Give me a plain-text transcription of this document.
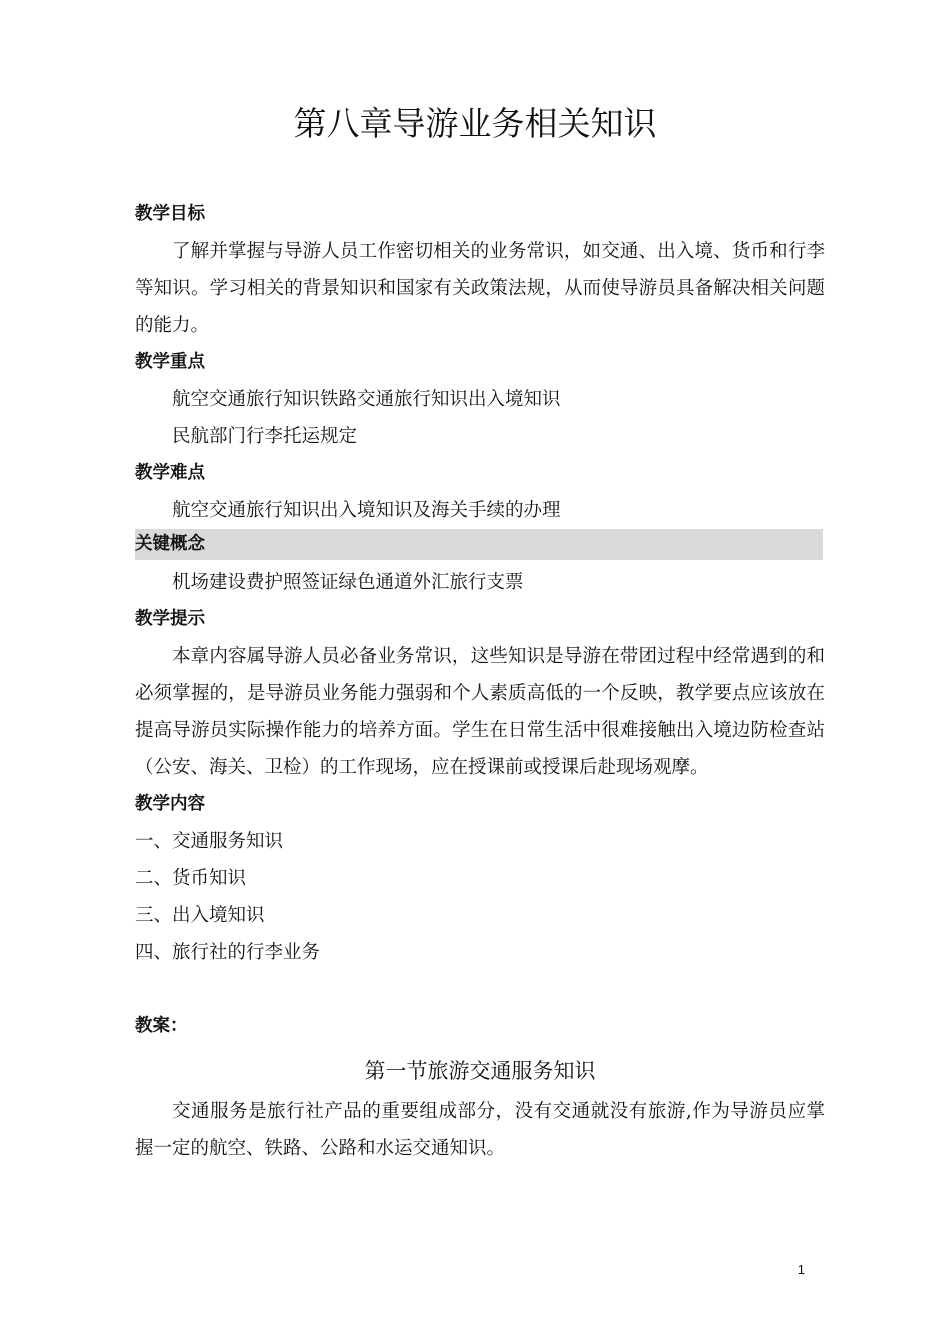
第八章导游业务相关知识
教学目标
了解并掌握与导游人员工作密切相关的业务常识，如交通、出入境、货币和行李等知识。学习相关的背景知识和国家有关政策法规，从而使导游员具备解决相关问题的能力。
教学重点
航空交通旅行知识铁路交通旅行知识出入境知识
民航部门行李托运规定
教学难点
航空交通旅行知识出入境知识及海关手续的办理
关键概念
机场建设费护照签证绿色通道外汇旅行支票
教学提示
本章内容属导游人员必备业务常识，这些知识是导游在带团过程中经常遇到的和必须掌握的，是导游员业务能力强弱和个人素质高低的一个反映，教学要点应该放在提高导游员实际操作能力的培养方面。学生在日常生活中很难接触出入境边防检查站（公安、海关、卫检）的工作现场，应在授课前或授课后赴现场观摩。
教学内容
一、交通服务知识
二、货币知识
三、出入境知识
四、旅行社的行李业务
教案：
第一节旅游交通服务知识
交通服务是旅行社产品的重要组成部分，没有交通就没有旅游,作为导游员应掌握一定的航空、铁路、公路和水运交通知识。
1
